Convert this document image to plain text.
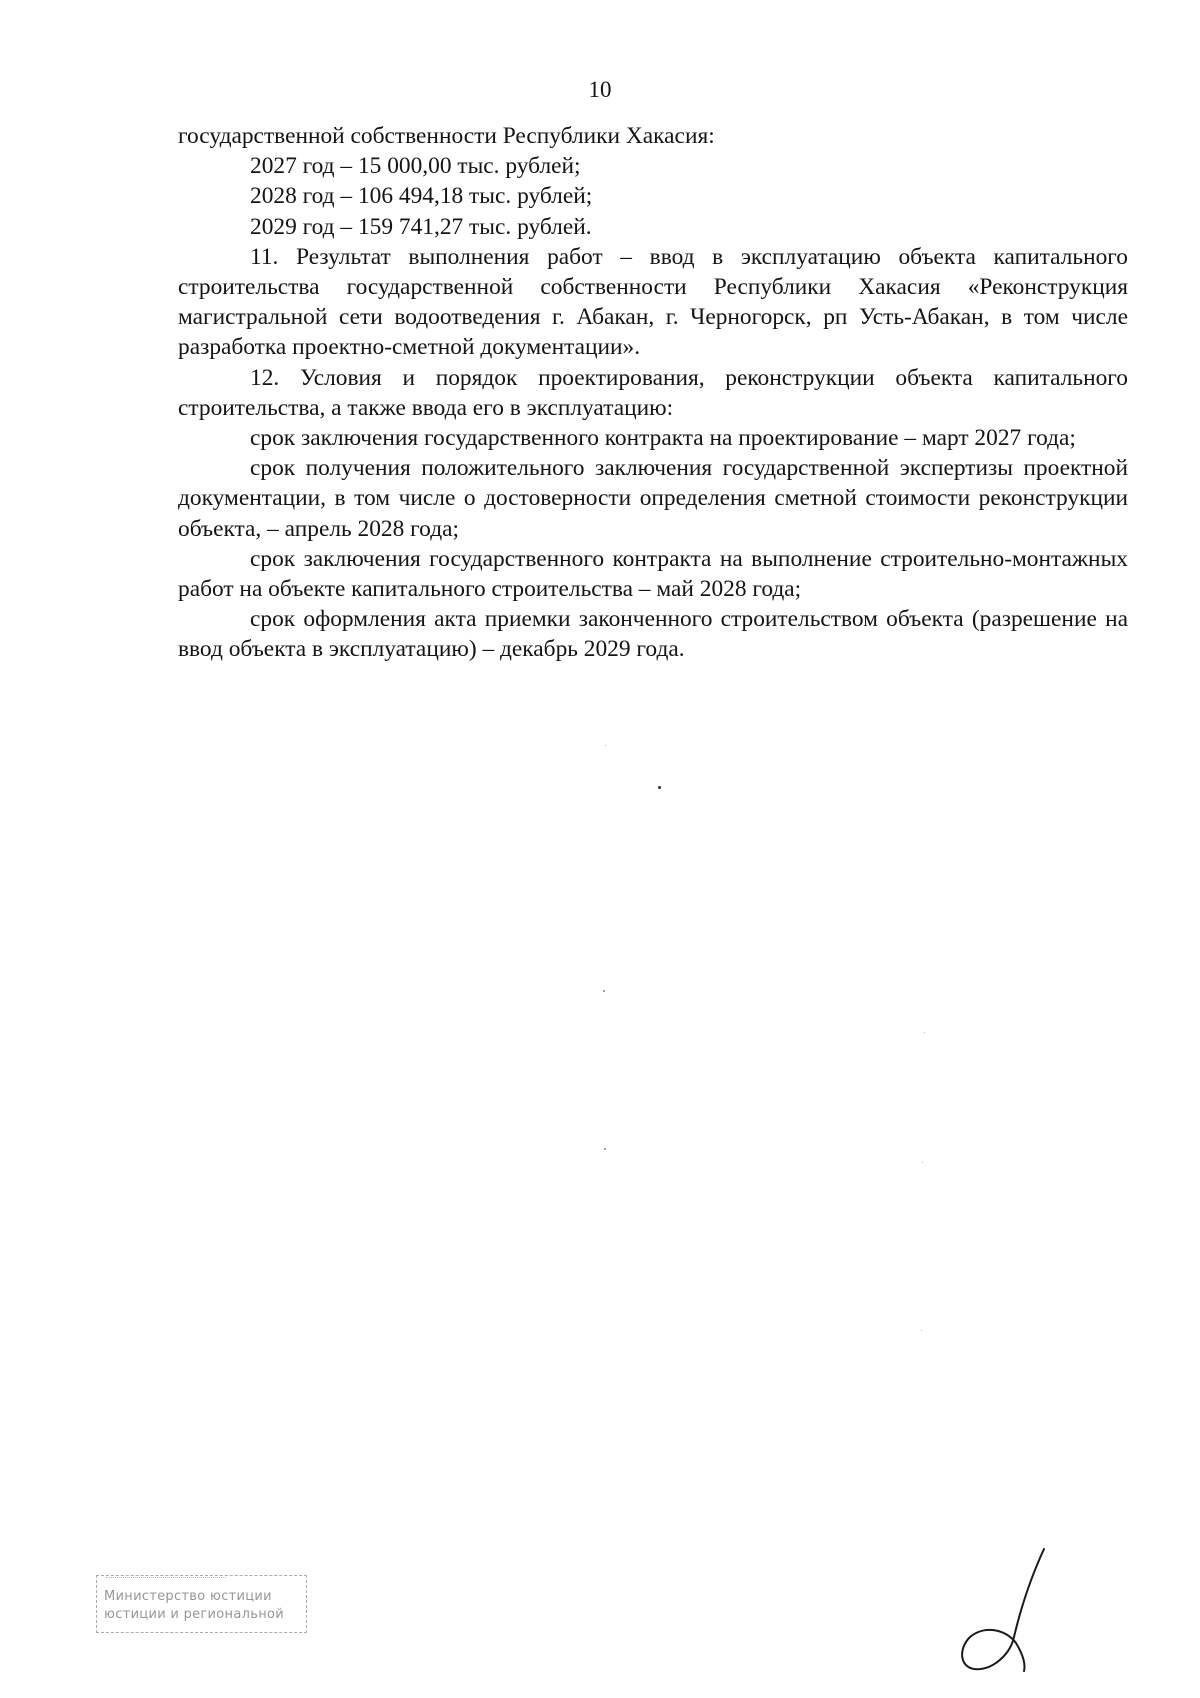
10

государственной собственности Республики Хакасия:

2027 год – 15 000,00 тыс. рублей;

2028 год – 106 494,18 тыс. рублей;

2029 год – 159 741,27 тыс. рублей.

11. Результат выполнения работ – ввод в эксплуатацию объекта капитального строительства государственной собственности Республики Хакасия «Реконструкция магистральной сети водоотведения г. Абакан, г. Черногорск, рп Усть-Абакан, в том числе разработка проектно-сметной документации».

12. Условия и порядок проектирования, реконструкции объекта капитального строительства, а также ввода его в эксплуатацию:

срок заключения государственного контракта на проектирование – март 2027 года;

срок получения положительного заключения государственной экспертизы проектной документации, в том числе о достоверности определения сметной стоимости реконструкции объекта, – апрель 2028 года;

срок заключения государственного контракта на выполнение строительно-монтажных работ на объекте капитального строительства – май 2028 года;

срок оформления акта приемки законченного строительством объекта (разрешение на ввод объекта в эксплуатацию) – декабрь 2029 года.

Министерство юстиции
юстиции и региональной
